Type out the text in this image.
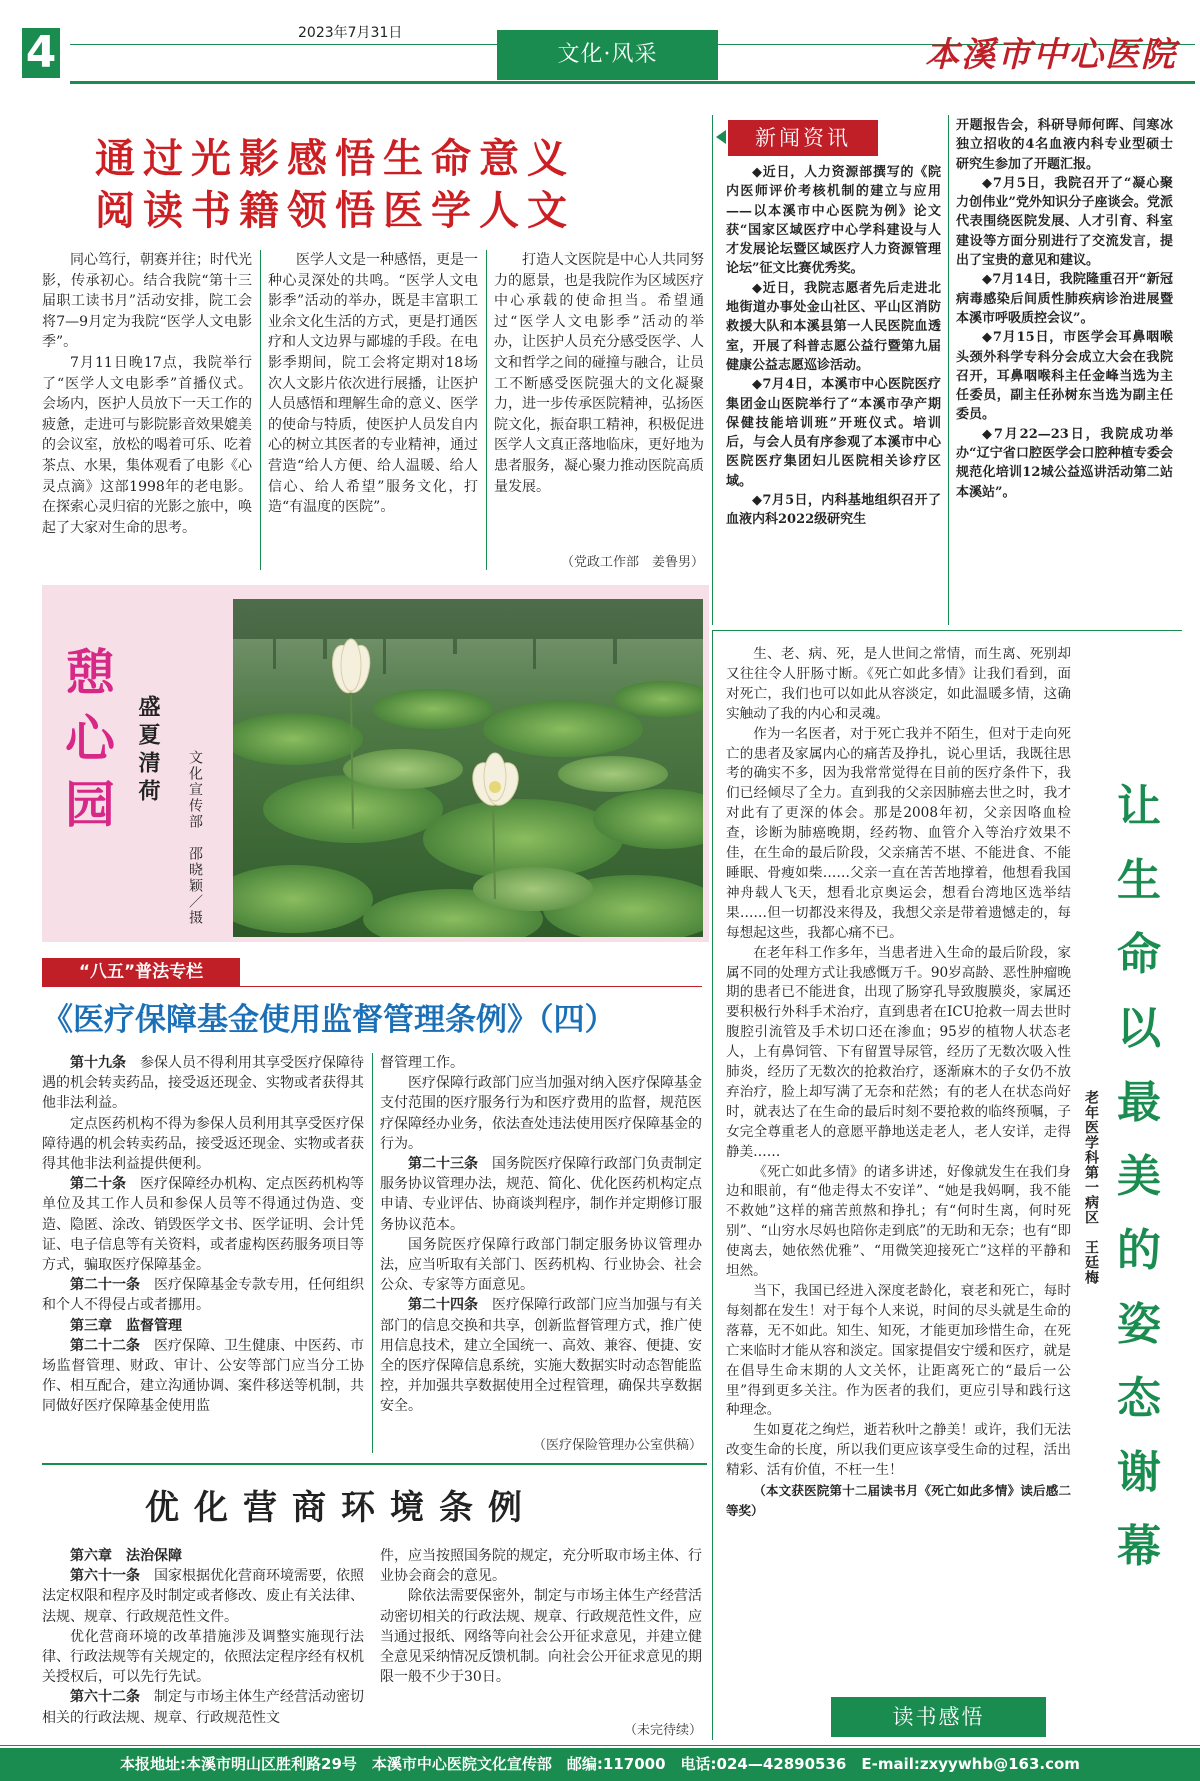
4	2023年7月31日
文化·风采	本溪市中心医院
通过光影感悟生命意义
阅读书籍领悟医学人文

同心笃行，朝赛并往；时代光影，传承初心。结合我院“第十三届职工读书月”活动安排，院工会将7—9月定为我院“医学人文电影季”。

7月11日晚17点，我院举行了“医学人文电影季”首播仪式。会场内，医护人员放下一天工作的疲惫，走进可与影院影音效果媲美的会议室，放松的喝着可乐、吃着茶点、水果，集体观看了电影《心灵点滴》这部1998年的老电影。在探索心灵归宿的光影之旅中，唤起了大家对生命的思考。

医学人文是一种感悟，更是一种心灵深处的共鸣。“医学人文电影季”活动的举办，既是丰富职工业余文化生活的方式，更是打通医疗和人文边界与鄙墟的手段。在电影季期间，院工会将定期对18场次人文影片依次进行展播，让医护人员感悟和理解生命的意义、医学的使命与特质，使医护人员发自内心的树立其医者的专业精神，通过营造“给人方便、给人温暖、给人信心、给人希望”服务文化，打造“有温度的医院”。

打造人文医院是中心人共同努力的愿景，也是我院作为区域医疗中心承载的使命担当。希望通过“医学人文电影季”活动的举办，让医护人员充分感受医学、人文和哲学之间的碰撞与融合，让员工不断感受医院强大的文化凝聚力，进一步传承医院精神，弘扬医院文化，振奋职工精神，积极促进医学人文真正落地临床，更好地为患者服务，凝心聚力推动医院高质量发展。

（党政工作部　姜鲁男）
新闻资讯

◆近日，人力资源部撰写的《院内医师评价考核机制的建立与应用——以本溪市中心医院为例》论文获“国家区域医疗中心学科建设与人才发展论坛暨区域医疗人力资源管理论坛”征文比赛优秀奖。

◆近日，我院志愿者先后走进北地街道办事处金山社区、平山区消防救援大队和本溪县第一人民医院血透室，开展了科普志愿公益行暨第九届健康公益志愿巡诊活动。

◆7月4日，本溪市中心医院医疗集团金山医院举行了“本溪市孕产期保健技能培训班”开班仪式。培训后，与会人员有序参观了本溪市中心医院医疗集团妇儿医院相关诊疗区域。

◆7月5日，内科基地组织召开了血液内科2022级研究生

开题报告会，科研导师何晖、闫寒冰独立招收的4名血液内科专业型硕士研究生参加了开题汇报。

◆7月5日，我院召开了“凝心聚力创伟业”党外知识分子座谈会。党派代表围绕医院发展、人才引育、科室建设等方面分别进行了交流发言，提出了宝贵的意见和建议。

◆7月14日，我院隆重召开“新冠病毒感染后间质性肺疾病诊治进展暨本溪市呼吸质控会议”。

◆7月15日，市医学会耳鼻咽喉头颈外科学专科分会成立大会在我院召开，耳鼻咽喉科主任金峰当选为主任委员，副主任孙树东当选为副主任委员。

◆7月22—23日，我院成功举办“辽宁省口腔医学会口腔种植专委会规范化培训12城公益巡讲活动第二站本溪站”。

憩心园 盛夏清荷 文化宣传部　邵晓颖／摄
“八五”普法专栏
《医疗保障基金使用监督管理条例》（四）

第十九条　 参保人员不得利用其享受医疗保障待遇的机会转卖药品，接受返还现金、实物或者获得其他非法利益。

定点医药机构不得为参保人员利用其享受医疗保障待遇的机会转卖药品，接受返还现金、实物或者获得其他非法利益提供便利。

第二十条　 医疗保障经办机构、定点医药机构等单位及其工作人员和参保人员等不得通过伪造、变造、隐匿、涂改、销毁医学文书、医学证明、会计凭证、电子信息等有关资料，或者虚构医药服务项目等方式，骗取医疗保障基金。

第二十一条　 医疗保障基金专款专用，任何组织和个人不得侵占或者挪用。

第三章　监督管理

第二十二条　 医疗保障、卫生健康、中医药、市场监督管理、财政、审计、公安等部门应当分工协作、相互配合，建立沟通协调、案件移送等机制，共同做好医疗保障基金使用监

督管理工作。

医疗保障行政部门应当加强对纳入医疗保障基金支付范围的医疗服务行为和医疗费用的监督，规范医疗保障经办业务，依法查处违法使用医疗保障基金的行为。

第二十三条　 国务院医疗保障行政部门负责制定服务协议管理办法，规范、简化、优化医药机构定点申请、专业评估、协商谈判程序，制作并定期修订服务协议范本。

国务院医疗保障行政部门制定服务协议管理办法，应当听取有关部门、医药机构、行业协会、社会公众、专家等方面意见。

第二十四条　 医疗保障行政部门应当加强与有关部门的信息交换和共享，创新监督管理方式，推广使用信息技术，建立全国统一、高效、兼容、便捷、安全的医疗保障信息系统，实施大数据实时动态智能监控，并加强共享数据使用全过程管理，确保共享数据安全。

（医疗保险管理办公室供稿）
优化营商环境条例

第六章　法治保障

第六十一条　 国家根据优化营商环境需要，依照法定权限和程序及时制定或者修改、废止有关法律、法规、规章、行政规范性文件。

优化营商环境的改革措施涉及调整实施现行法律、行政法规等有关规定的，依照法定程序经有权机关授权后，可以先行先试。

第六十二条　 制定与市场主体生产经营活动密切相关的行政法规、规章、行政规范性文

件，应当按照国务院的规定，充分听取市场主体、行业协会商会的意见。

除依法需要保密外，制定与市场主体生产经营活动密切相关的行政法规、规章、行政规范性文件，应当通过报纸、网络等向社会公开征求意见，并建立健全意见采纳情况反馈机制。向社会公开征求意见的期限一般不少于30日。

（未完待续）

生、老、病、死，是人世间之常情，而生离、死别却又往往令人肝肠寸断。《死亡如此多情》让我们看到，面对死亡，我们也可以如此从容淡定，如此温暖多情，这确实触动了我的内心和灵魂。

作为一名医者，对于死亡我并不陌生，但对于走向死亡的患者及家属内心的痛苦及挣扎，说心里话，我既往思考的确实不多，因为我常常觉得在目前的医疗条件下，我们已经倾尽了全力。直到我的父亲因肺癌去世之时，我才对此有了更深的体会。那是2008年初，父亲因咯血检查，诊断为肺癌晚期，经药物、血管介入等治疗效果不佳，在生命的最后阶段，父亲痛苦不堪、不能进食、不能睡眠、骨瘦如柴……父亲一直在苦苦地撑着，他想看我国神舟载人飞天，想看北京奥运会，想看台湾地区选举结果……但一切都没来得及，我想父亲是带着遗憾走的，每每想起这些，我都心痛不已。

在老年科工作多年，当患者进入生命的最后阶段，家属不同的处理方式让我感慨万千。90岁高龄、恶性肿瘤晚期的患者已不能进食，出现了肠穿孔导致腹膜炎，家属还要积极行外科手术治疗，直到患者在ICU抢救一周去世时腹腔引流管及手术切口还在渗血；95岁的植物人状态老人，上有鼻饲管、下有留置导尿管，经历了无数次吸入性肺炎，经历了无数次的抢救治疗，逐渐麻木的子女仍不放弃治疗，脸上却写满了无奈和茫然；有的老人在状态尚好时，就表达了在生命的最后时刻不要抢救的临终预嘱，子女完全尊重老人的意愿平静地送走老人，老人安详，走得静美……

《死亡如此多情》的诸多讲述，好像就发生在我们身边和眼前，有“他走得太不安详”、“她是我妈啊，我不能不救她”这样的痛苦煎熬和挣扎；有“何时生离，何时死别”、“山穷水尽妈也陪你走到底”的无助和无奈；也有“即使离去，她依然优雅”、“用微笑迎接死亡”这样的平静和坦然。

当下，我国已经进入深度老龄化，衰老和死亡，每时每刻都在发生！对于每个人来说，时间的尽头就是生命的落幕，无不如此。知生、知死，才能更加珍惜生命，在死亡来临时才能从容和淡定。国家提倡安宁缓和医疗，就是在倡导生命末期的人文关怀，让距离死亡的“最后一公里”得到更多关注。作为医者的我们，更应引导和践行这种理念。

生如夏花之绚烂，逝若秋叶之静美！或许，我们无法改变生命的长度，所以我们更应该享受生命的过程，活出精彩、活有价值，不枉一生！

（本文获医院第十二届读书月《死亡如此多情》读后感二等奖）

老年医学科第一病区　王廷梅
让生命以最美的姿态谢幕
读书感悟
本报地址:本溪市明山区胜利路29号　本溪市中心医院文化宣传部　邮编:117000　电话:024—42890536　E-mail:zxyywhb@163.com
